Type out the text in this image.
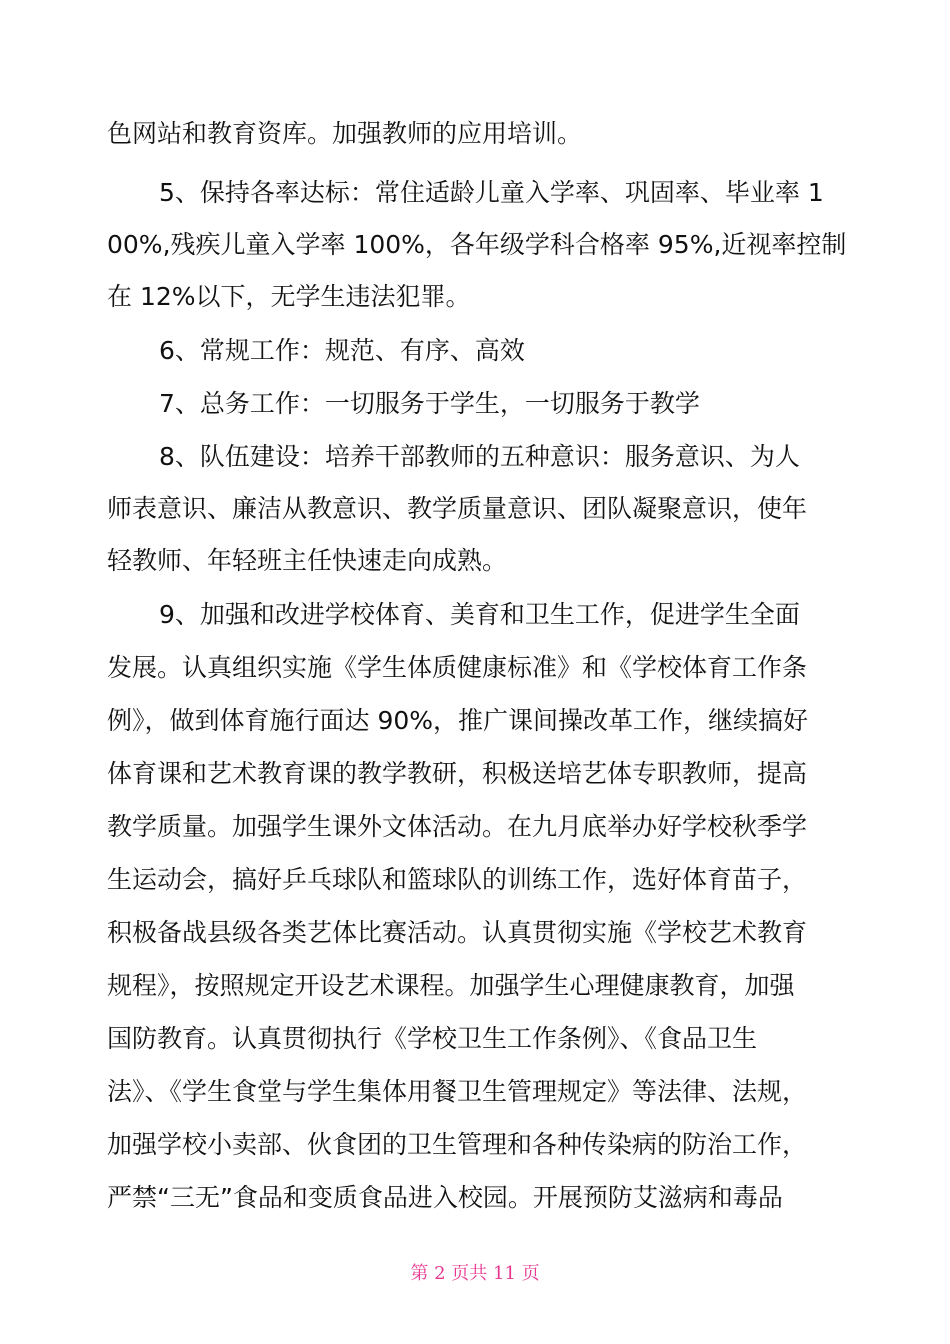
色网站和教育资库。加强教师的应用培训。
5、保持各率达标：常住适龄儿童入学率、巩固率、毕业率 1
00%,残疾儿童入学率 100%，各年级学科合格率 95%,近视率控制
在 12%以下，无学生违法犯罪。
6、常规工作：规范、有序、高效
7、总务工作：一切服务于学生，一切服务于教学
8、队伍建设：培养干部教师的五种意识：服务意识、为人
师表意识、廉洁从教意识、教学质量意识、团队凝聚意识，使年
轻教师、年轻班主任快速走向成熟。
9、加强和改进学校体育、美育和卫生工作，促进学生全面
发展。认真组织实施《学生体质健康标准》和《学校体育工作条
例》，做到体育施行面达 90%，推广课间操改革工作，继续搞好
体育课和艺术教育课的教学教研，积极送培艺体专职教师，提高
教学质量。加强学生课外文体活动。在九月底举办好学校秋季学
生运动会，搞好乒乓球队和篮球队的训练工作，选好体育苗子，
积极备战县级各类艺体比赛活动。认真贯彻实施《学校艺术教育
规程》，按照规定开设艺术课程。加强学生心理健康教育，加强
国防教育。认真贯彻执行《学校卫生工作条例》、《食品卫生
法》、《学生食堂与学生集体用餐卫生管理规定》等法律、法规，
加强学校小卖部、伙食团的卫生管理和各种传染病的防治工作，
严禁“三无”食品和变质食品进入校园。开展预防艾滋病和毒品
第 2 页共 11 页
